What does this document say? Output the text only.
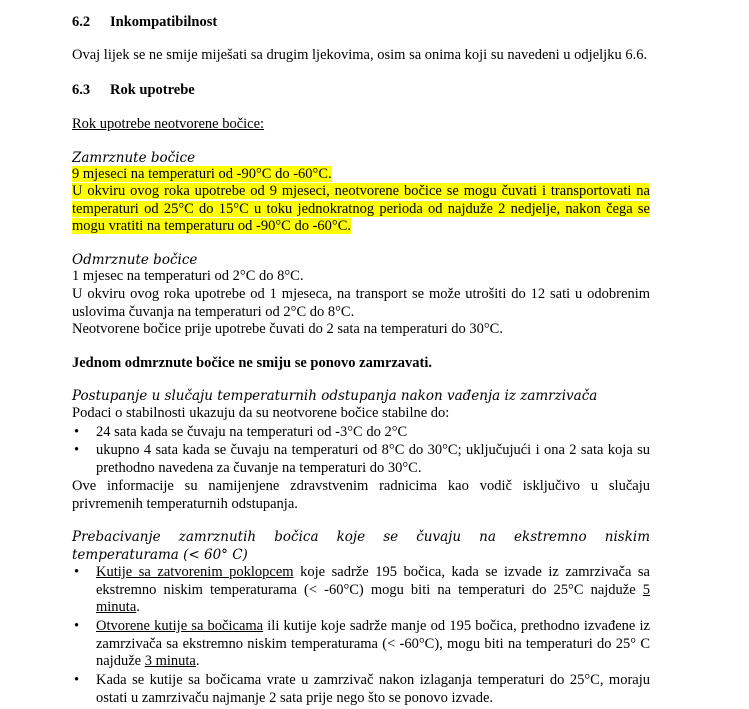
6.2 Inkompatibilnost
Ovaj lijek se ne smije miješati sa drugim ljekovima, osim sa onima koji su navedeni u odjeljku 6.6.
6.3 Rok upotrebe
Rok upotrebe neotvorene bočice:
Zamrznute bočice
9 mjeseci na temperaturi od -90°C do -60°C.
U okviru ovog roka upotrebe od 9 mjeseci, neotvorene bočice se mogu čuvati i transportovati na temperaturi od 25°C do 15°C u toku jednokratnog perioda od najduže 2 nedjelje, nakon čega se mogu vratiti na temperaturu od -90°C do -60°C.
Odmrznute bočice
1 mjesec na temperaturi od 2°C do 8°C.
U okviru ovog roka upotrebe od 1 mjeseca, na transport se može utrošiti do 12 sati u odobrenim uslovima čuvanja na temperaturi od 2°C do 8°C.
Neotvorene bočice prije upotrebe čuvati do 2 sata na temperaturi do 30°C.
Jednom odmrznute bočice ne smiju se ponovo zamrzavati.
Postupanje u slučaju temperaturnih odstupanja nakon vađenja iz zamrzivača
Podaci o stabilnosti ukazuju da su neotvorene bočice stabilne do:
• 24 sata kada se čuvaju na temperaturi od -3°C do 2°C
• ukupno 4 sata kada se čuvaju na temperaturi od 8°C do 30°C; uključujući i ona 2 sata koja su prethodno navedena za čuvanje na temperaturi do 30°C.
Ove informacije su namijenjene zdravstvenim radnicima kao vodič isključivo u slučaju privremenih temperaturnih odstupanja.
Prebacivanje zamrznutih bočica koje se čuvaju na ekstremno niskim temperaturama (< 60° C)
• Kutije sa zatvorenim poklopcem koje sadrže 195 bočica, kada se izvade iz zamrzivača sa ekstremno niskim temperaturama (< -60°C) mogu biti na temperaturi do 25°C najduže 5 minuta.
• Otvorene kutije sa bočicama ili kutije koje sadrže manje od 195 bočica, prethodno izvađene iz zamrzivača sa ekstremno niskim temperaturama (< -60°C), mogu biti na temperaturi do 25° C najduže 3 minuta.
• Kada se kutije sa bočicama vrate u zamrzivač nakon izlaganja temperaturi do 25°C, moraju ostati u zamrzivaču najmanje 2 sata prije nego što se ponovo izvade.
